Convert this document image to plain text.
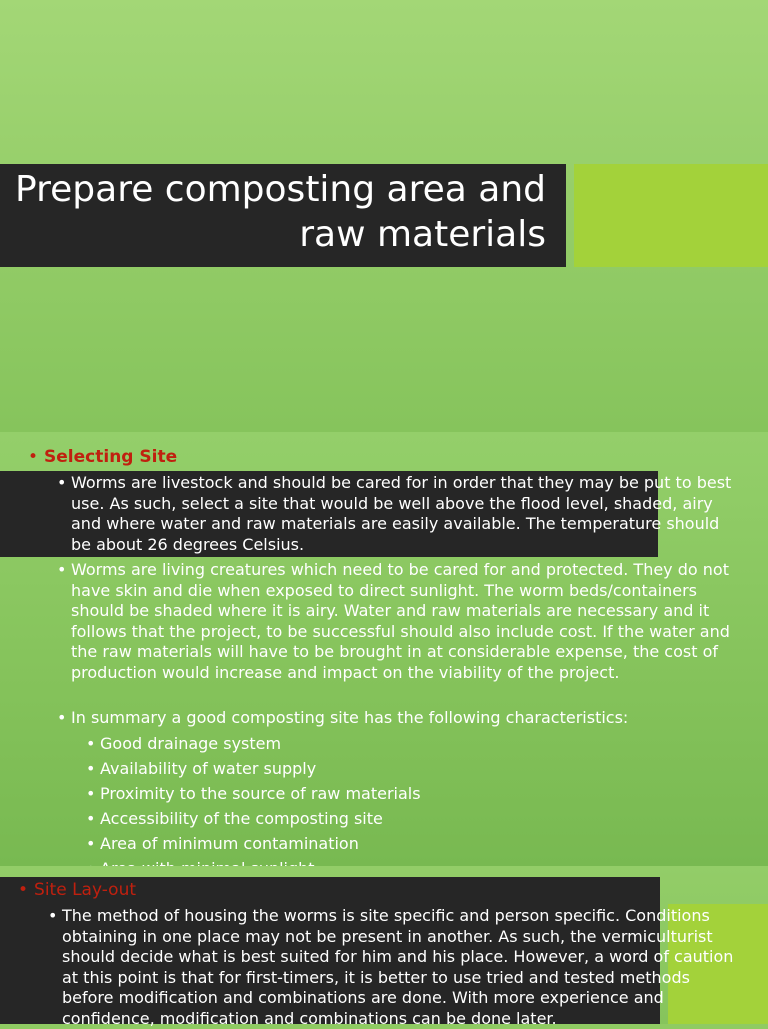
Prepare composting area and raw materials
• Selecting Site
• Worms are livestock and should be cared for in order that they may be put to best use. As such, select a site that would be well above the flood level, shaded, airy and where water and raw materials are easily available. The temperature should be about 26 degrees Celsius.
• Worms are living creatures which need to be cared for and protected. They do not have skin and die when exposed to direct sunlight. The worm beds/containers should be shaded where it is airy. Water and raw materials are necessary and it follows that the project, to be successful should also include cost. If the water and the raw materials will have to be brought in at considerable expense, the cost of production would increase and impact on the viability of the project.
• In summary a good composting site has the following characteristics:
• Good drainage system
• Availability of water supply
• Proximity to the source of raw materials
• Accessibility of the composting site
• Area of minimum contamination
•
• Site Lay-out
• The method of housing the worms is site specific and person specific. Conditions obtaining in one place may not be present in another. As such, the vermiculturist should decide what is best suited for him and his place. However, a word of caution at this point is that for first-timers, it is better to use tried and tested methods before modification and combinations are done. With more experience and confidence, modification and combinations can be done later.
